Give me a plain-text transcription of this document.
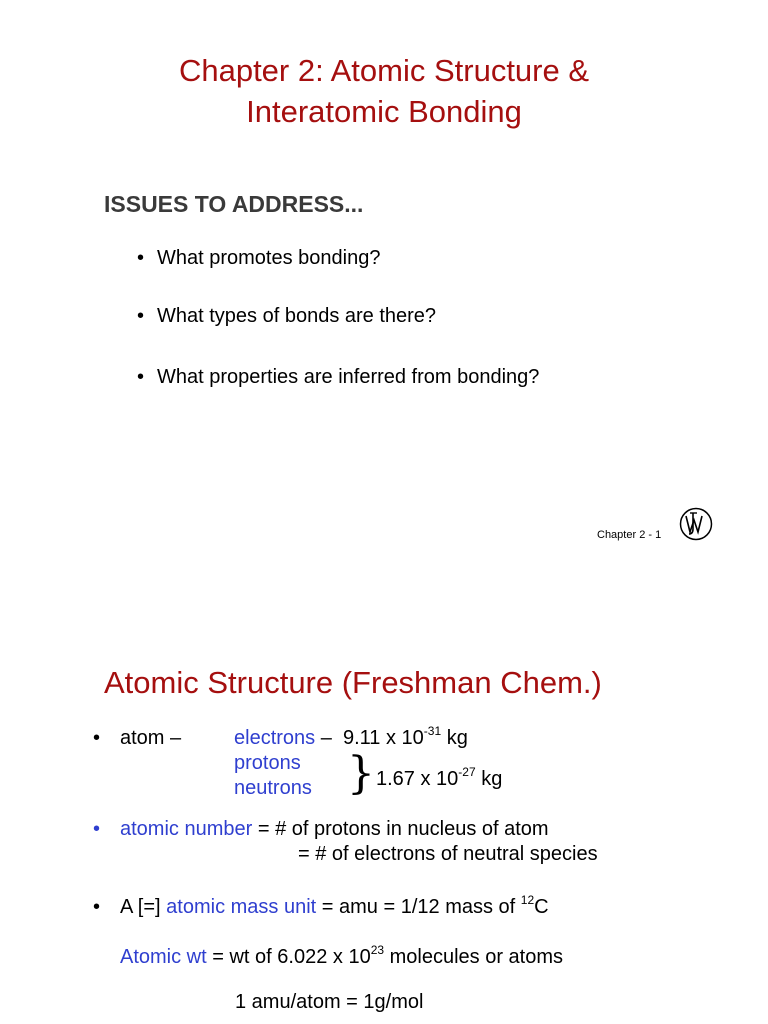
Chapter 2: Atomic Structure &
Interatomic Bonding
ISSUES TO ADDRESS...
• What promotes bonding?
• What types of bonds are there?
• What properties are inferred from bonding?
Chapter 2 - 1
Atomic Structure (Freshman Chem.)
• atom –	electrons – 9.11 x $10^{-31}$ kg
protons
neutrons } 1.67 x $10^{-27}$ kg
• atomic number = # of protons in nucleus of atom
= # of electrons of neutral species
• A [=] atomic mass unit = amu = 1/12 mass of $^{12}$C
Atomic wt = wt of 6.022 x $10^{23}$ molecules or atoms
1 amu/atom = 1g/mol
